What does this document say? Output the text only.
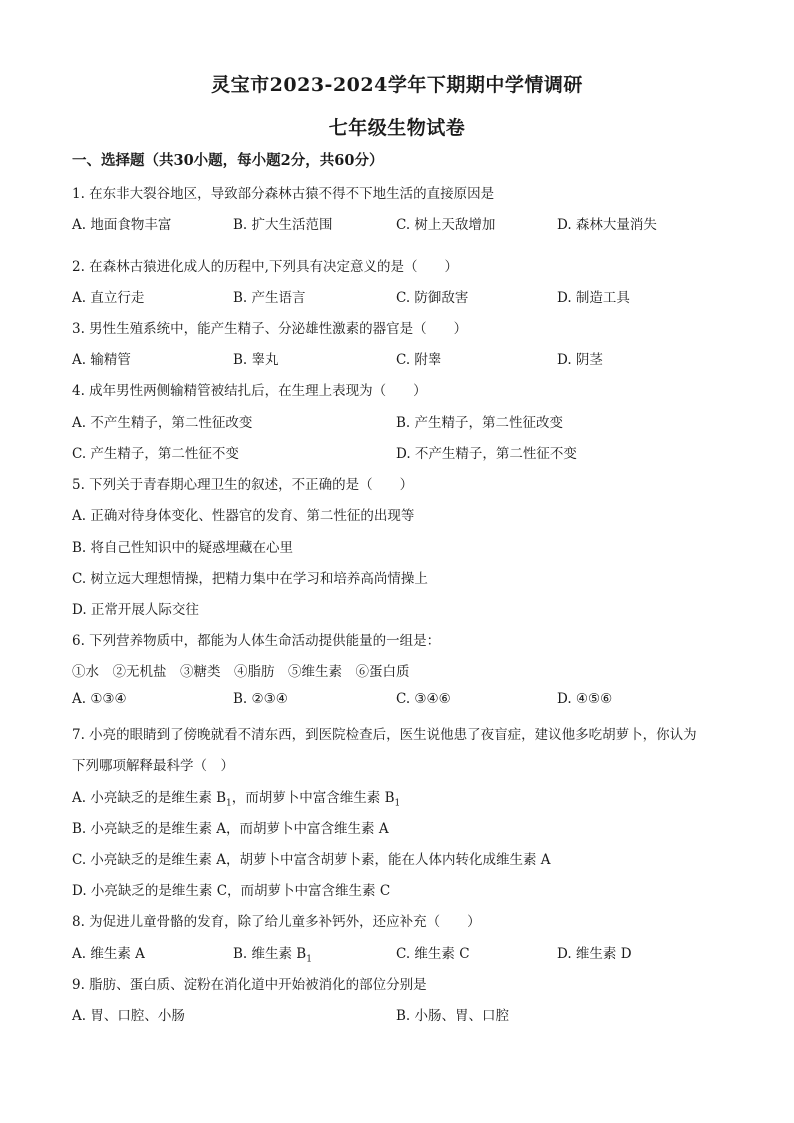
灵宝市2023-2024学年下期期中学情调研
七年级生物试卷
一、选择题（共30小题，每小题2分，共60分）
1. 在东非大裂谷地区，导致部分森林古猿不得不下地生活的直接原因是
A. 地面食物丰富	B. 扩大生活范围	C. 树上天敌增加	D. 森林大量消失
2. 在森林古猿进化成人的历程中,下列具有决定意义的是（　　）
A. 直立行走	B. 产生语言	C. 防御敌害	D. 制造工具
3. 男性生殖系统中，能产生精子、分泌雄性激素的器官是（　　）
A. 输精管	B. 睾丸	C. 附睾	D. 阴茎
4. 成年男性两侧输精管被结扎后，在生理上表现为（　　）
A. 不产生精子，第二性征改变	B. 产生精子，第二性征改变
C. 产生精子，第二性征不变	D. 不产生精子，第二性征不变
5. 下列关于青春期心理卫生的叙述，不正确的是（　　）
A. 正确对待身体变化、性器官的发育、第二性征的出现等
B. 将自己性知识中的疑惑埋藏在心里
C. 树立远大理想情操，把精力集中在学习和培养高尚情操上
D. 正常开展人际交往
6. 下列营养物质中，都能为人体生命活动提供能量的一组是：
①水　②无机盐　③糖类　④脂肪　⑤维生素　⑥蛋白质
A. ①③④	B. ②③④	C. ③④⑥	D. ④⑤⑥
7. 小亮的眼睛到了傍晚就看不清东西，到医院检查后，医生说他患了夜盲症，建议他多吃胡萝卜，你认为
下列哪项解释最科学（　）
A. 小亮缺乏的是维生素 $B_1$，而胡萝卜中富含维生素 $B_1$
B. 小亮缺乏的是维生素 A，而胡萝卜中富含维生素 A
C. 小亮缺乏的是维生素 A，胡萝卜中富含胡萝卜素，能在人体内转化成维生素 A
D. 小亮缺乏的是维生素 C，而胡萝卜中富含维生素 C
8. 为促进儿童骨骼的发育，除了给儿童多补钙外，还应补充（　　）
A. 维生素 A	B. 维生素 $B_1$	C. 维生素 C	D. 维生素 D
9. 脂肪、蛋白质、淀粉在消化道中开始被消化的部位分别是
A. 胃、口腔、小肠	B. 小肠、胃、口腔
